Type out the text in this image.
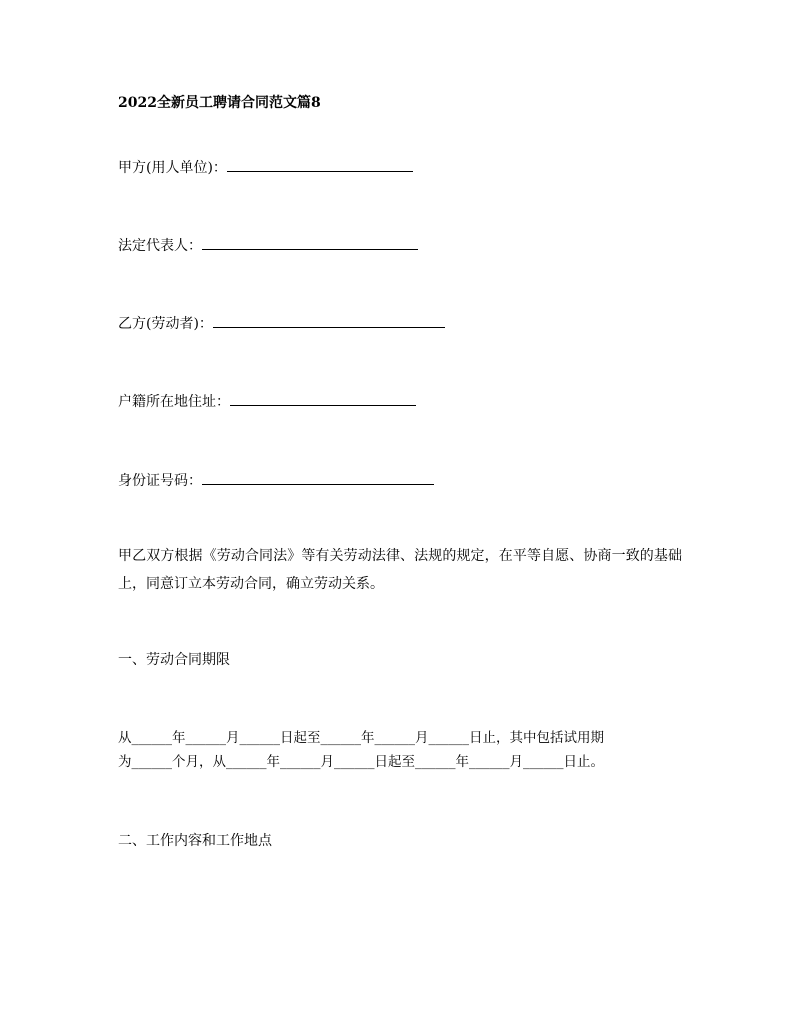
2022全新员工聘请合同范文篇8
甲方(用人单位)：
法定代表人：
乙方(劳动者)：
户籍所在地住址：
身份证号码：
甲乙双方根据《劳动合同法》等有关劳动法律、法规的规定，在平等自愿、协商一致的基础上，同意订立本劳动合同，确立劳动关系。
一、劳动合同期限
从______年______月______日起至______年______月______日止，其中包括试用期
为______个月，从______年______月______日起至______年______月______日止。
二、工作内容和工作地点
